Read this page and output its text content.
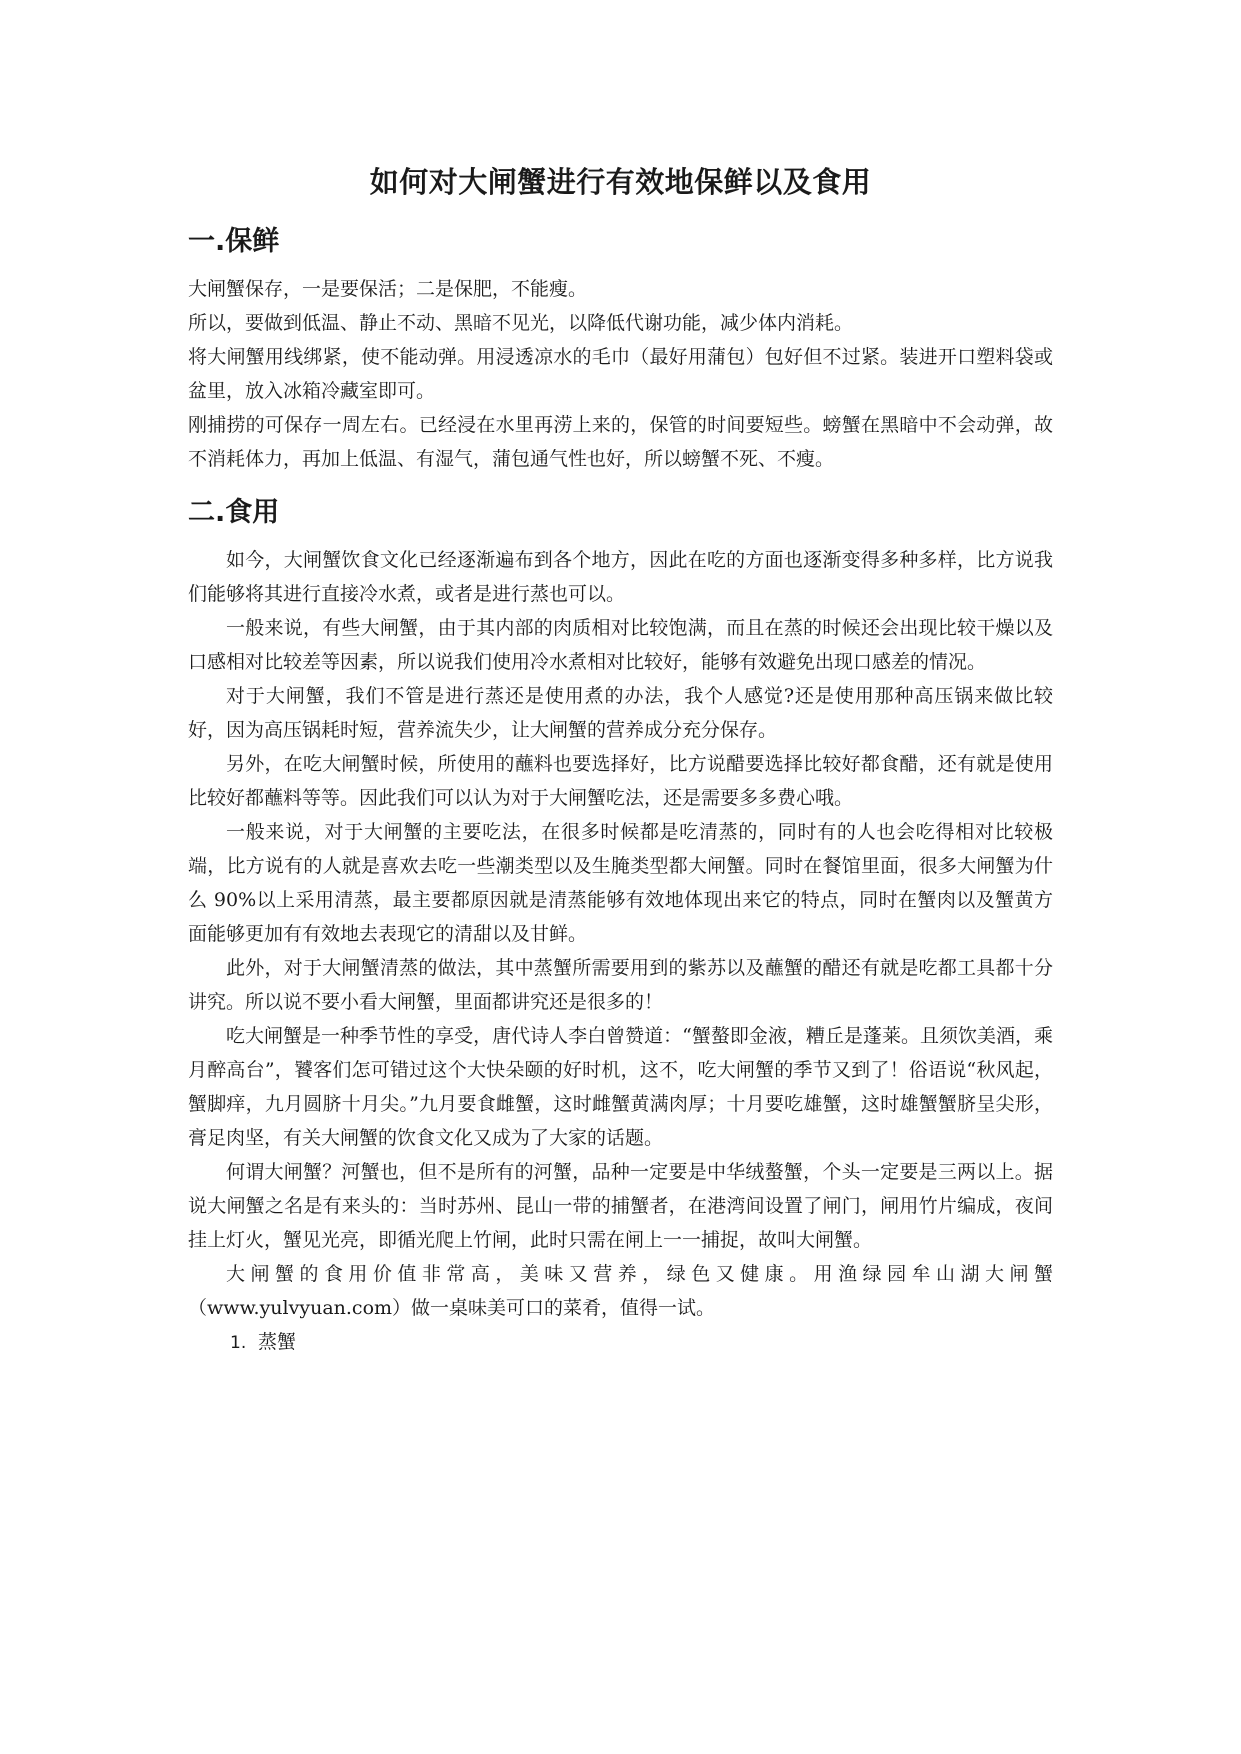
如何对大闸蟹进行有效地保鲜以及食用
一.保鲜

大闸蟹保存，一是要保活；二是保肥，不能瘦。

所以，要做到低温、静止不动、黑暗不见光，以降低代谢功能，减少体内消耗。

将大闸蟹用线绑紧，使不能动弹。用浸透凉水的毛巾（最好用蒲包）包好但不过紧。装进开口塑料袋或盆里，放入冰箱冷藏室即可。

刚捕捞的可保存一周左右。已经浸在水里再涝上来的，保管的时间要短些。螃蟹在黑暗中不会动弹，故不消耗体力，再加上低温、有湿气，蒲包通气性也好，所以螃蟹不死、不瘦。

二.食用

如今，大闸蟹饮食文化已经逐渐遍布到各个地方，因此在吃的方面也逐渐变得多种多样，比方说我们能够将其进行直接冷水煮，或者是进行蒸也可以。

一般来说，有些大闸蟹，由于其内部的肉质相对比较饱满，而且在蒸的时候还会出现比较干燥以及口感相对比较差等因素，所以说我们使用冷水煮相对比较好，能够有效避免出现口感差的情况。

对于大闸蟹，我们不管是进行蒸还是使用煮的办法，我个人感觉?还是使用那种高压锅来做比较好，因为高压锅耗时短，营养流失少，让大闸蟹的营养成分充分保存。

另外，在吃大闸蟹时候，所使用的蘸料也要选择好，比方说醋要选择比较好都食醋，还有就是使用比较好都蘸料等等。因此我们可以认为对于大闸蟹吃法，还是需要多多费心哦。

一般来说，对于大闸蟹的主要吃法，在很多时候都是吃清蒸的，同时有的人也会吃得相对比较极端，比方说有的人就是喜欢去吃一些潮类型以及生腌类型都大闸蟹。同时在餐馆里面，很多大闸蟹为什么 90%以上采用清蒸，最主要都原因就是清蒸能够有效地体现出来它的特点，同时在蟹肉以及蟹黄方面能够更加有有效地去表现它的清甜以及甘鲜。

此外，对于大闸蟹清蒸的做法，其中蒸蟹所需要用到的紫苏以及蘸蟹的醋还有就是吃都工具都十分讲究。所以说不要小看大闸蟹，里面都讲究还是很多的！

吃大闸蟹是一种季节性的享受，唐代诗人李白曾赞道：“蟹螯即金液，糟丘是蓬莱。且须饮美酒，乘月醉高台”，饕客们怎可错过这个大快朵颐的好时机，这不，吃大闸蟹的季节又到了！俗语说“秋风起，蟹脚痒，九月圆脐十月尖。”九月要食雌蟹，这时雌蟹黄满肉厚；十月要吃雄蟹，这时雄蟹蟹脐呈尖形，膏足肉坚，有关大闸蟹的饮食文化又成为了大家的话题。

何谓大闸蟹？河蟹也，但不是所有的河蟹，品种一定要是中华绒螯蟹，个头一定要是三两以上。据说大闸蟹之名是有来头的：当时苏州、昆山一带的捕蟹者，在港湾间设置了闸门，闸用竹片编成，夜间挂上灯火，蟹见光亮，即循光爬上竹闸，此时只需在闸上一一捕捉，故叫大闸蟹。

大闸蟹的食用价值非常高，美味又营养，绿色又健康。用渔绿园牟山湖大闸蟹（www.yulvyuan.com）做一桌味美可口的菜肴，值得一试。

1. 蒸蟹
